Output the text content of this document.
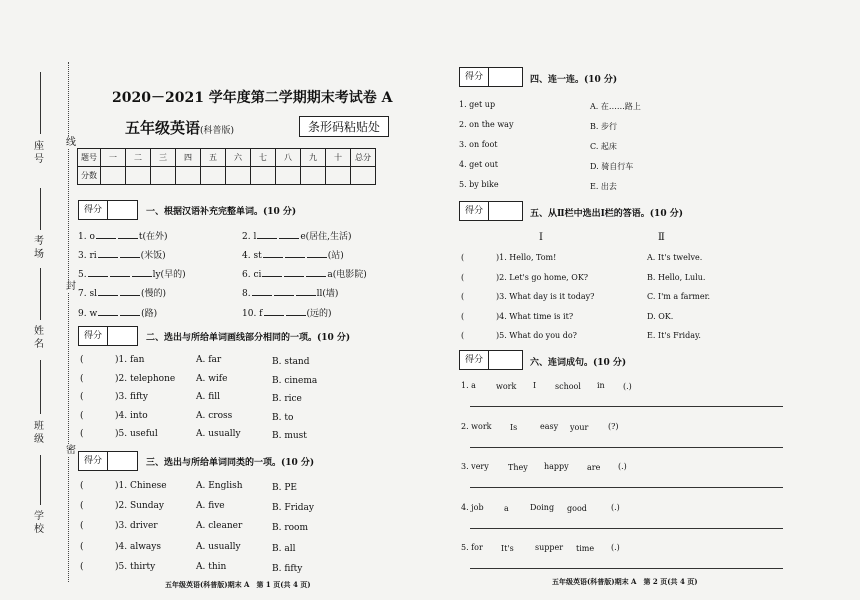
线
封
密
座号
考场
姓名
班级
学校
2020－2021 学年度第二学期期末考试卷 A
五年级英语(科普版)	条形码粘贴处
题号	一	二	三	四	五	六	七	八	九	十	总分
分数											
得分	一、根据汉语补充完整单词。(10 分)
1. o	t(在外)	2. l	e(居住,生活)
3. ri	(米饭)	4. st	(站)
5.	ly(早的)	6. ci	a(电影院)
7. sl	(慢的)	8.	ll(墙)
9. w	(路)	10. f	(远的)
得分	二、选出与所给单词画线部分相同的一项。(10 分)
(	)1. fan	A. far	B. stand
(	)2. telephone A. wife	B. cinema
(	)3. fifty	A. fill	B. rice
(	)4. into	A. cross	B. to
(	)5. useful	A. usually	B. must
得分	三、选出与所给单词同类的一项。(10 分)
(	)1. Chinese	A. English	B. PE
(	)2. Sunday	A. five	B. Friday
(	)3. driver	A. cleaner	B. room
(	)4. always	A. usually	B. all
(	)5. thirty	A. thin	B. fifty
五年级英语(科普版)期末 A　第 1 页(共 4 页)
得分	四、连一连。(10 分)
1. get up	A. 在……路上
2. on the way	B. 步行
3. on foot	C. 起床
4. get out	D. 骑自行车
5. by bike	E. 出去
得分	五、从Ⅱ栏中选出Ⅰ栏的答语。(10 分)
Ⅰ	Ⅱ
(	)1. Hello, Tom!	A. It's twelve.
(	)2. Let's go home, OK?	B. Hello, Lulu.
(	)3. What day is it today?	C. I'm a farmer.
(	)4. What time is it?	D. OK.
(	)5. What do you do?	E. It's Friday.
得分	六、连词成句。(10 分)
1. a	work I school in (.)
2. work Is	easy your (?)
3. very They happy are (.)
4. job	a	Doing good	(.)
5. for It's	supper time (.)
五年级英语(科普版)期末 A　第 2 页(共 4 页)
